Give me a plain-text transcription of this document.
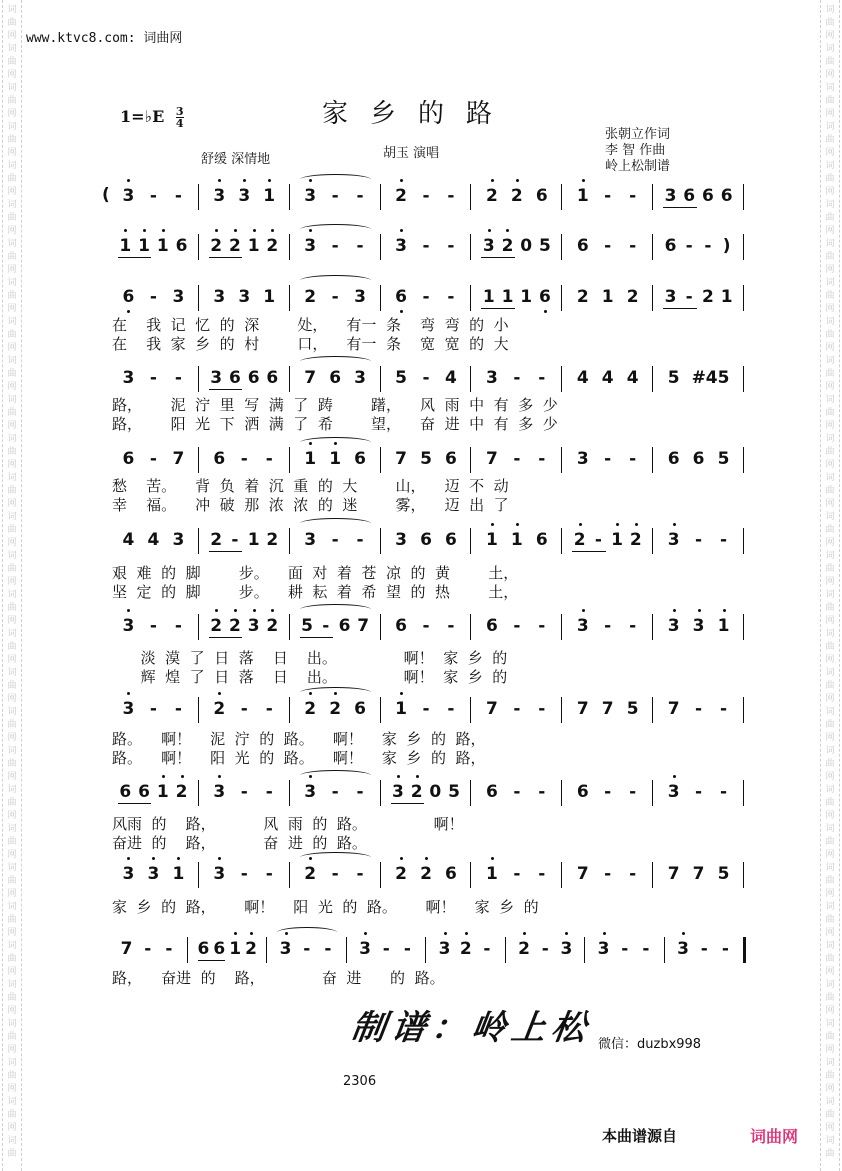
词
曲
网
词
曲
网
词
曲
网
词
曲
网
词
曲
网
词
曲
网
词
曲
网
词
曲
网
词
曲
网
词
曲
网
词
曲
网
词
曲
网
词
曲
网
词
曲
网
词
曲
网
词
曲
网
词
曲
网
词
曲
网
词
曲
网
词
曲
网
词
曲
网
词
曲
网
词
曲
网
词
曲
网
词
曲
网
词
曲
网
词
曲
网
词
曲
网
词
曲
网
词
曲
词
曲
网
词
曲
网
词
曲
网
词
曲
网
词
曲
网
词
曲
网
词
曲
网
词
曲
网
词
曲
网
词
曲
网
词
曲
网
词
曲
网
词
曲
网
词
曲
网
词
曲
网
词
曲
网
词
曲
网
词
曲
网
词
曲
网
词
曲
网
词
曲
网
词
曲
网
词
曲
网
词
曲
网
词
曲
网
词
曲
网
词
曲
网
词
曲
网
词
曲
网
词
曲
www.ktvc8.com: 词曲网
家乡的路
1=♭E $\frac{3}{4}$
舒缓 深情地	胡玉 演唱
张朝立作词
李 智 作曲
岭上松制谱
( 3 - - 3 3 1 3 - - 2 - - 2 2 6 1 - - 3 6 6 6
1 1 1 6 2 2 1 2 3 - - 3 - - 3 2 0 5 6 - - 6 - - )
6 - 3 3 3 1 2 - 3 6 - - 1 1 1 6 2 1 2 3 - 2 1
3 - - 3 6 6 6 7 6 3 5 - 4 3 - - 4 4 4 5 #4 5
6 - 7 6 - - 1 1 6 7 5 6 7 - - 3 - - 6 6 5
4 4 3 2 - 1 2 3 - - 3 6 6 1 1 6 2 - 1 2 3 - -
3 - - 2 2 3 2 5 - 6 7 6 - - 6 - - 3 - - 3 3 1
3 - - 2 - - 2 2 6 1 - - 7 - - 7 7 5 7 - -
6 6 1 2 3 - - 3 - - 3 2 0 5 6 - - 6 - - 3 - -
3 3 1 3 - - 2 - - 2 2 6 1 - - 7 - - 7 7 5
7 - - 6 6 1 2 3 - - 3 - - 3 2 - 2 - 3 3 - - 3 - -
在    我  记  忆  的  深        处，    有一  条    弯  弯  的  小
在    我  家  乡  的  村        口，    有一  条    宽  宽  的  大
路，      泥  泞  里  写  满  了  踌        躇，    风  雨  中  有  多  少
路，      阳  光  下  洒  满  了  希        望，    奋  进  中  有  多  少
愁    苦。    背  负  着  沉  重  的  大        山，    迈  不  动
幸    福。    冲  破  那  浓  浓  的  迷        雾，    迈  出  了
艰  难  的  脚        步。    面  对  着  苍  凉  的  黄        土，
坚  定  的  脚        步。    耕  耘  着  希  望  的  热        土，
淡  漠  了  日  落    日    出。              啊！  家  乡  的
辉  煌  了  日  落    日    出。              啊！  家  乡  的
路。    啊！    泥  泞  的  路。    啊！    家  乡  的  路，
路。    啊！    阳  光  的  路。    啊！    家  乡  的  路，
风雨  的    路，          风  雨  的  路。              啊！
奋进  的    路，          奋  进  的  路。
家  乡  的  路，      啊！    阳  光  的  路。      啊！    家  乡  的
路，    奋进  的    路，            奋  进      的  路。
制谱：岭上松 微信：duzbx998
2306
本曲谱源自	词曲网
